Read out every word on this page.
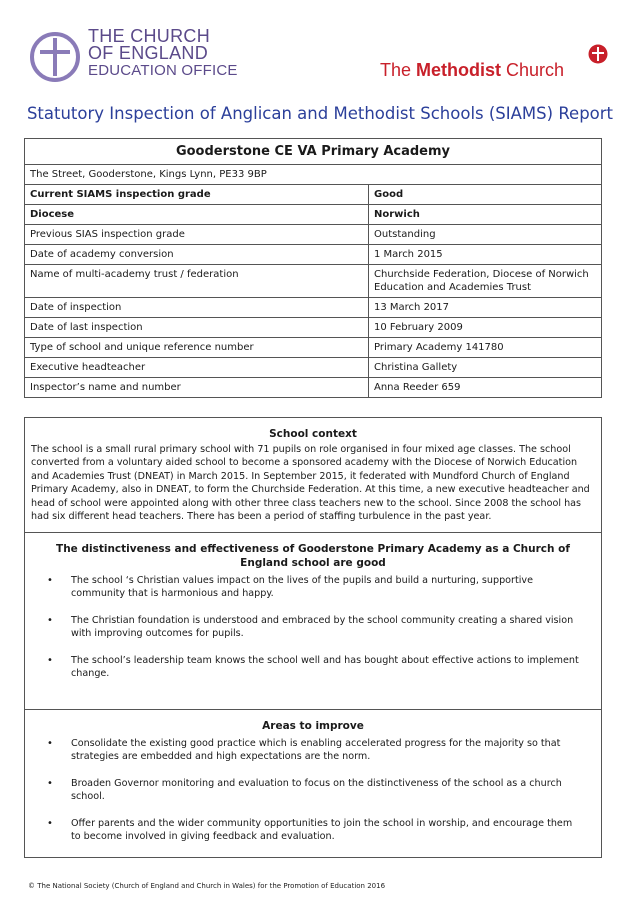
THE CHURCH
OF ENGLAND
EDUCATION OFFICE	The Methodist Church
Statutory Inspection of Anglican and Methodist Schools (SIAMS) Report
Gooderstone CE VA Primary Academy	
The Street, Gooderstone, Kings Lynn, PE33 9BP	
Current SIAMS inspection grade	Good
Diocese	Norwich
Previous SIAS inspection grade	Outstanding
Date of academy conversion	1 March 2015
Name of multi-academy trust / federation	Churchside Federation, Diocese of Norwich Education and Academies Trust
Date of inspection	13 March 2017
Date of last inspection	10 February 2009
Type of school and unique reference number	Primary Academy 141780
Executive headteacher	Christina Gallety
Inspector’s name and number	Anna Reeder 659
School context
The school is a small rural primary school with 71 pupils on role organised in four mixed age classes. The school converted from a voluntary aided school to become a sponsored academy with the Diocese of Norwich Education and Academies Trust (DNEAT) in March 2015. In September 2015, it federated with Mundford Church of England Primary Academy, also in DNEAT, to form the Churchside Federation. At this time, a new executive headteacher and head of school were appointed along with other three class teachers new to the school. Since 2008 the school has had six different head teachers. There has been a period of staffing turbulence in the past year.
The distinctiveness and effectiveness of Gooderstone Primary Academy as a Church of England school are good
• The school ‘s Christian values impact on the lives of the pupils and build a nurturing, supportive community that is harmonious and happy.
• The Christian foundation is understood and embraced by the school community creating a shared vision with improving outcomes for pupils.
• The school’s leadership team knows the school well and has bought about effective actions to implement change.
Areas to improve
• Consolidate the existing good practice which is enabling accelerated progress for the majority so that strategies are embedded and high expectations are the norm.
• Broaden Governor monitoring and evaluation to focus on the distinctiveness of the school as a church school.
• Offer parents and the wider community opportunities to join the school in worship, and encourage them to become involved in giving feedback and evaluation.
© The National Society (Church of England and Church in Wales) for the Promotion of Education 2016
